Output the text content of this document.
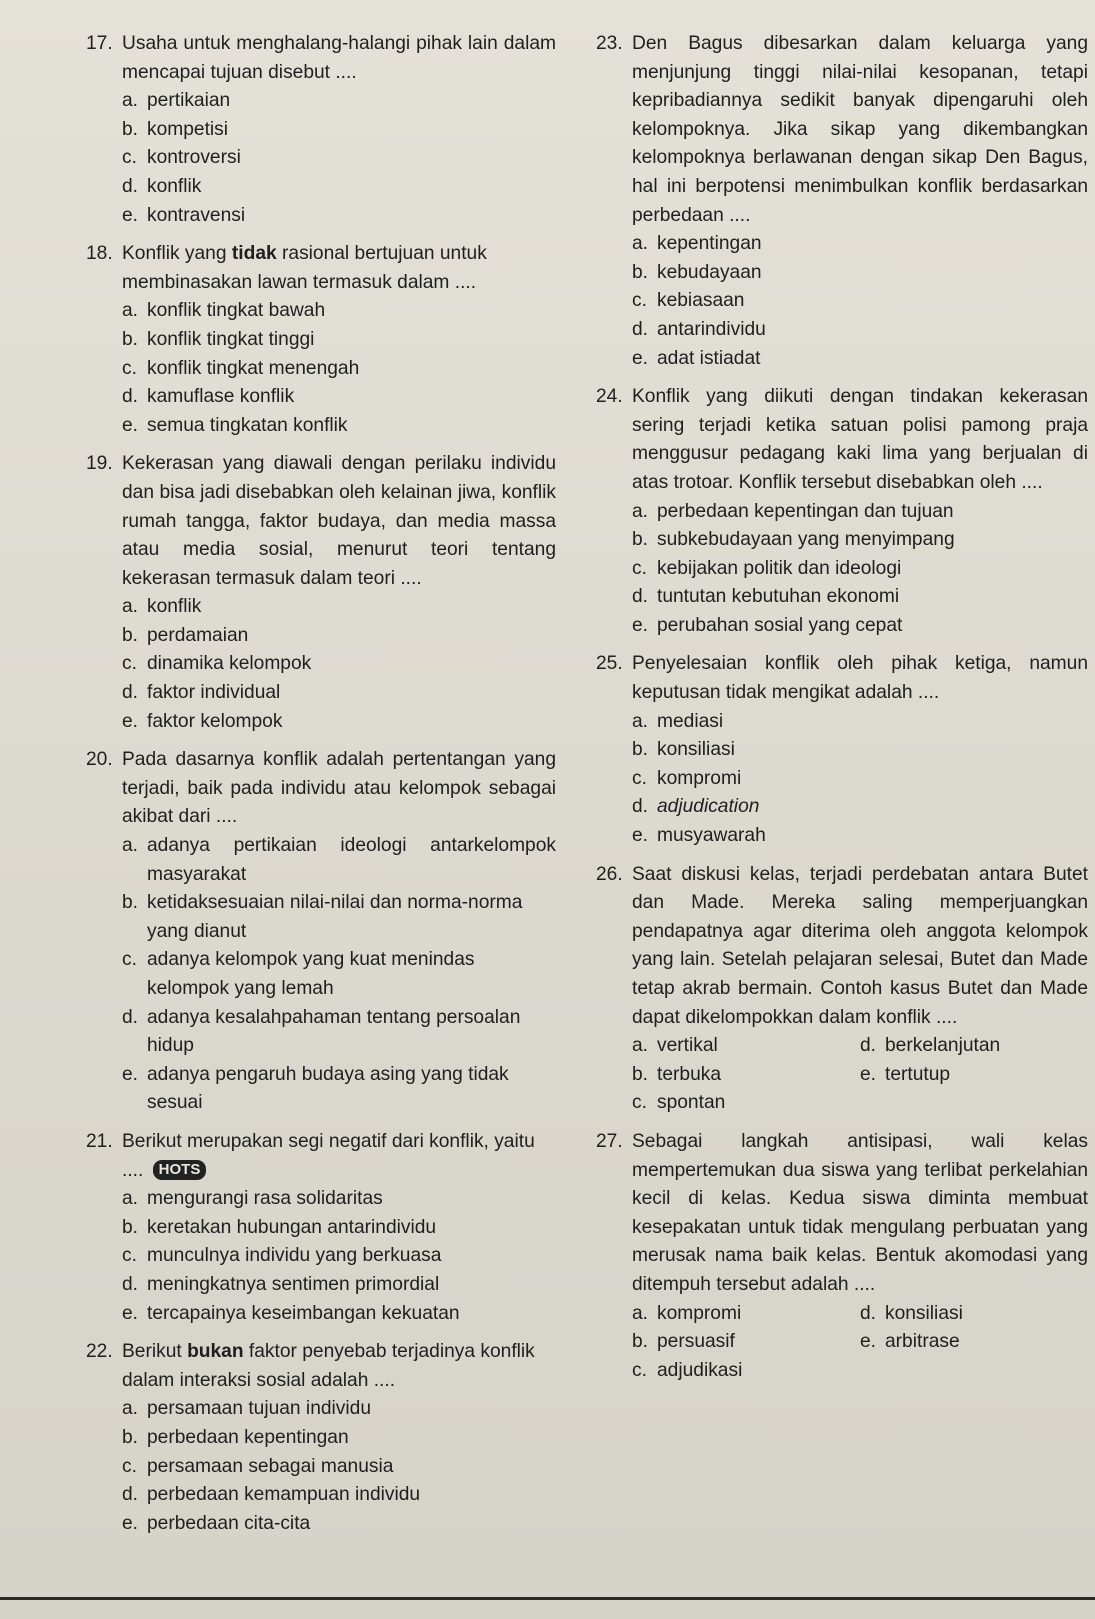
17. Usaha untuk menghalang-halangi pihak lain dalam mencapai tujuan disebut ....
a. pertikaian
b. kompetisi
c. kontroversi
d. konflik
e. kontravensi
18. Konflik yang tidak rasional bertujuan untuk membinasakan lawan termasuk dalam ....
a. konflik tingkat bawah
b. konflik tingkat tinggi
c. konflik tingkat menengah
d. kamuflase konflik
e. semua tingkatan konflik
19. Kekerasan yang diawali dengan perilaku individu dan bisa jadi disebabkan oleh kelainan jiwa, konflik rumah tangga, faktor budaya, dan media massa atau media sosial, menurut teori tentang kekerasan termasuk dalam teori ....
a. konflik
b. perdamaian
c. dinamika kelompok
d. faktor individual
e. faktor kelompok
20. Pada dasarnya konflik adalah pertentangan yang terjadi, baik pada individu atau kelompok sebagai akibat dari ....
a. adanya pertikaian ideologi antarkelompok masyarakat
b. ketidaksesuaian nilai-nilai dan norma-norma yang dianut
c. adanya kelompok yang kuat menindas kelompok yang lemah
d. adanya kesalahpahaman tentang persoalan hidup
e. adanya pengaruh budaya asing yang tidak sesuai
21. Berikut merupakan segi negatif dari konflik, yaitu .... HOTS
a. mengurangi rasa solidaritas
b. keretakan hubungan antarindividu
c. munculnya individu yang berkuasa
d. meningkatnya sentimen primordial
e. tercapainya keseimbangan kekuatan
22. Berikut bukan faktor penyebab terjadinya konflik dalam interaksi sosial adalah ....
a. persamaan tujuan individu
b. perbedaan kepentingan
c. persamaan sebagai manusia
d. perbedaan kemampuan individu
e. perbedaan cita-cita
23. Den Bagus dibesarkan dalam keluarga yang menjunjung tinggi nilai-nilai kesopanan, tetapi kepribadiannya sedikit banyak dipengaruhi oleh kelompoknya. Jika sikap yang dikembangkan kelompoknya berlawanan dengan sikap Den Bagus, hal ini berpotensi menimbulkan konflik berdasarkan perbedaan ....
a. kepentingan
b. kebudayaan
c. kebiasaan
d. antarindividu
e. adat istiadat
24. Konflik yang diikuti dengan tindakan kekerasan sering terjadi ketika satuan polisi pamong praja menggusur pedagang kaki lima yang berjualan di atas trotoar. Konflik tersebut disebabkan oleh ....
a. perbedaan kepentingan dan tujuan
b. subkebudayaan yang menyimpang
c. kebijakan politik dan ideologi
d. tuntutan kebutuhan ekonomi
e. perubahan sosial yang cepat
25. Penyelesaian konflik oleh pihak ketiga, namun keputusan tidak mengikat adalah ....
a. mediasi
b. konsiliasi
c. kompromi
d. adjudication
e. musyawarah
26. Saat diskusi kelas, terjadi perdebatan antara Butet dan Made. Mereka saling memperjuangkan pendapatnya agar diterima oleh anggota kelompok yang lain. Setelah pelajaran selesai, Butet dan Made tetap akrab bermain. Contoh kasus Butet dan Made dapat dikelompokkan dalam konflik ....
a. vertikal	d. berkelanjutan
b. terbuka	e. tertutup
c. spontan
27. Sebagai langkah antisipasi, wali kelas mempertemukan dua siswa yang terlibat perkelahian kecil di kelas. Kedua siswa diminta membuat kesepakatan untuk tidak mengulang perbuatan yang merusak nama baik kelas. Bentuk akomodasi yang ditempuh tersebut adalah ....
a. kompromi	d. konsiliasi
b. persuasif	e. arbitrase
c. adjudikasi
